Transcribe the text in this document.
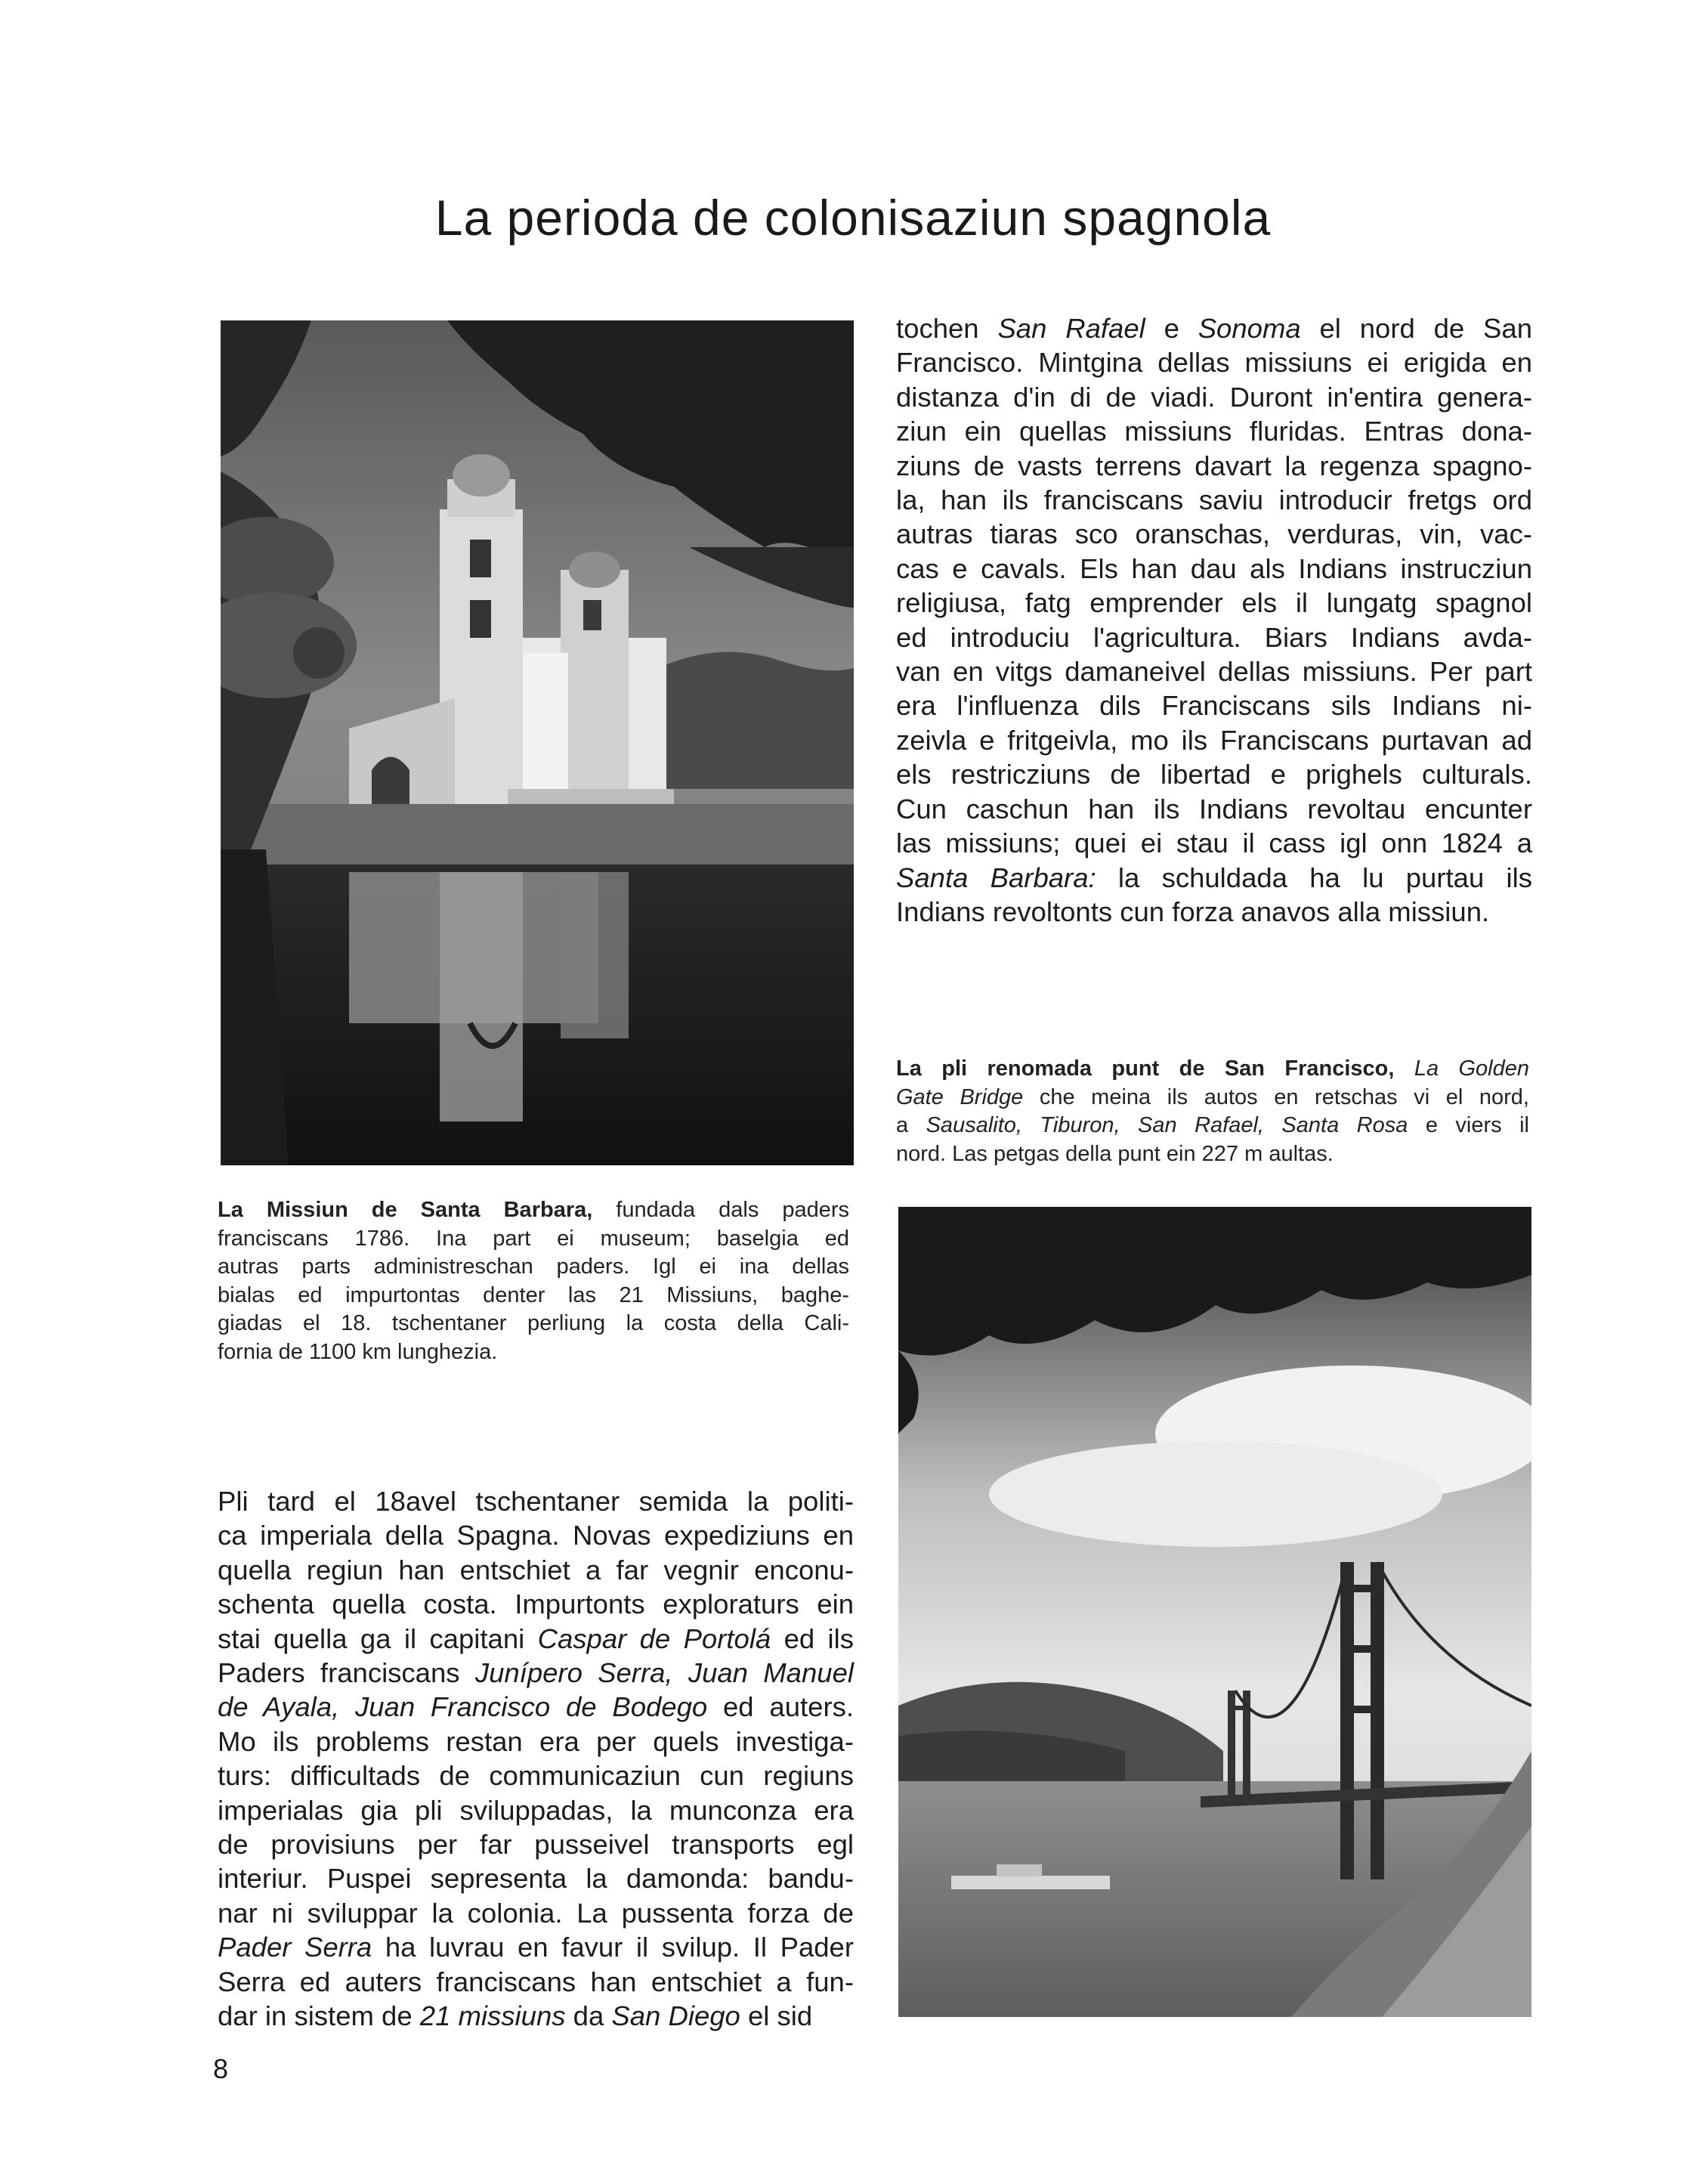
La perioda de colonisaziun spagnola
tochen San Rafael e Sonoma el nord de San
Francisco. Mintgina dellas missiuns ei erigida en
distanza d'in di de viadi. Duront in'entira genera-
ziun ein quellas missiuns fluridas. Entras dona-
ziuns de vasts terrens davart la regenza spagno-
la, han ils franciscans saviu introducir fretgs ord
autras tiaras sco oranschas, verduras, vin, vac-
cas e cavals. Els han dau als Indians instrucziun
religiusa, fatg emprender els il lungatg spagnol
ed introduciu l'agricultura. Biars Indians avda-
van en vitgs damaneivel dellas missiuns. Per part
era l'influenza dils Franciscans sils Indians ni-
zeivla e fritgeivla, mo ils Franciscans purtavan ad
els restricziuns de libertad e prighels culturals.
Cun caschun han ils Indians revoltau encunter
las missiuns; quei ei stau il cass igl onn 1824 a
Santa Barbara: la schuldada ha lu purtau ils
Indians revoltonts cun forza anavos alla missiun.
La pli renomada punt de San Francisco, La Golden
Gate Bridge che meina ils autos en retschas vi el nord,
a Sausalito, Tiburon, San Rafael, Santa Rosa e viers il
nord. Las petgas della punt ein 227 m aultas.
La Missiun de Santa Barbara, fundada dals paders
franciscans 1786. Ina part ei museum; baselgia ed
autras parts administreschan paders. Igl ei ina dellas
bialas ed impurtontas denter las 21 Missiuns, baghe-
giadas el 18. tschentaner perliung la costa della Cali-
fornia de 1100 km lunghezia.
Pli tard el 18avel tschentaner semida la politi-
ca imperiala della Spagna. Novas expediziuns en
quella regiun han entschiet a far vegnir enconu-
schenta quella costa. Impurtonts exploraturs ein
stai quella ga il capitani Caspar de Portolá ed ils
Paders franciscans Junípero Serra, Juan Manuel
de Ayala, Juan Francisco de Bodego ed auters.
Mo ils problems restan era per quels investiga-
turs: difficultads de communicaziun cun regiuns
imperialas gia pli sviluppadas, la munconza era
de provisiuns per far pusseivel transports egl
interiur. Puspei sepresenta la damonda: bandu-
nar ni sviluppar la colonia. La pussenta forza de
Pader Serra ha luvrau en favur il svilup. Il Pader
Serra ed auters franciscans han entschiet a fun-
dar in sistem de 21 missiuns da San Diego el sid
8
